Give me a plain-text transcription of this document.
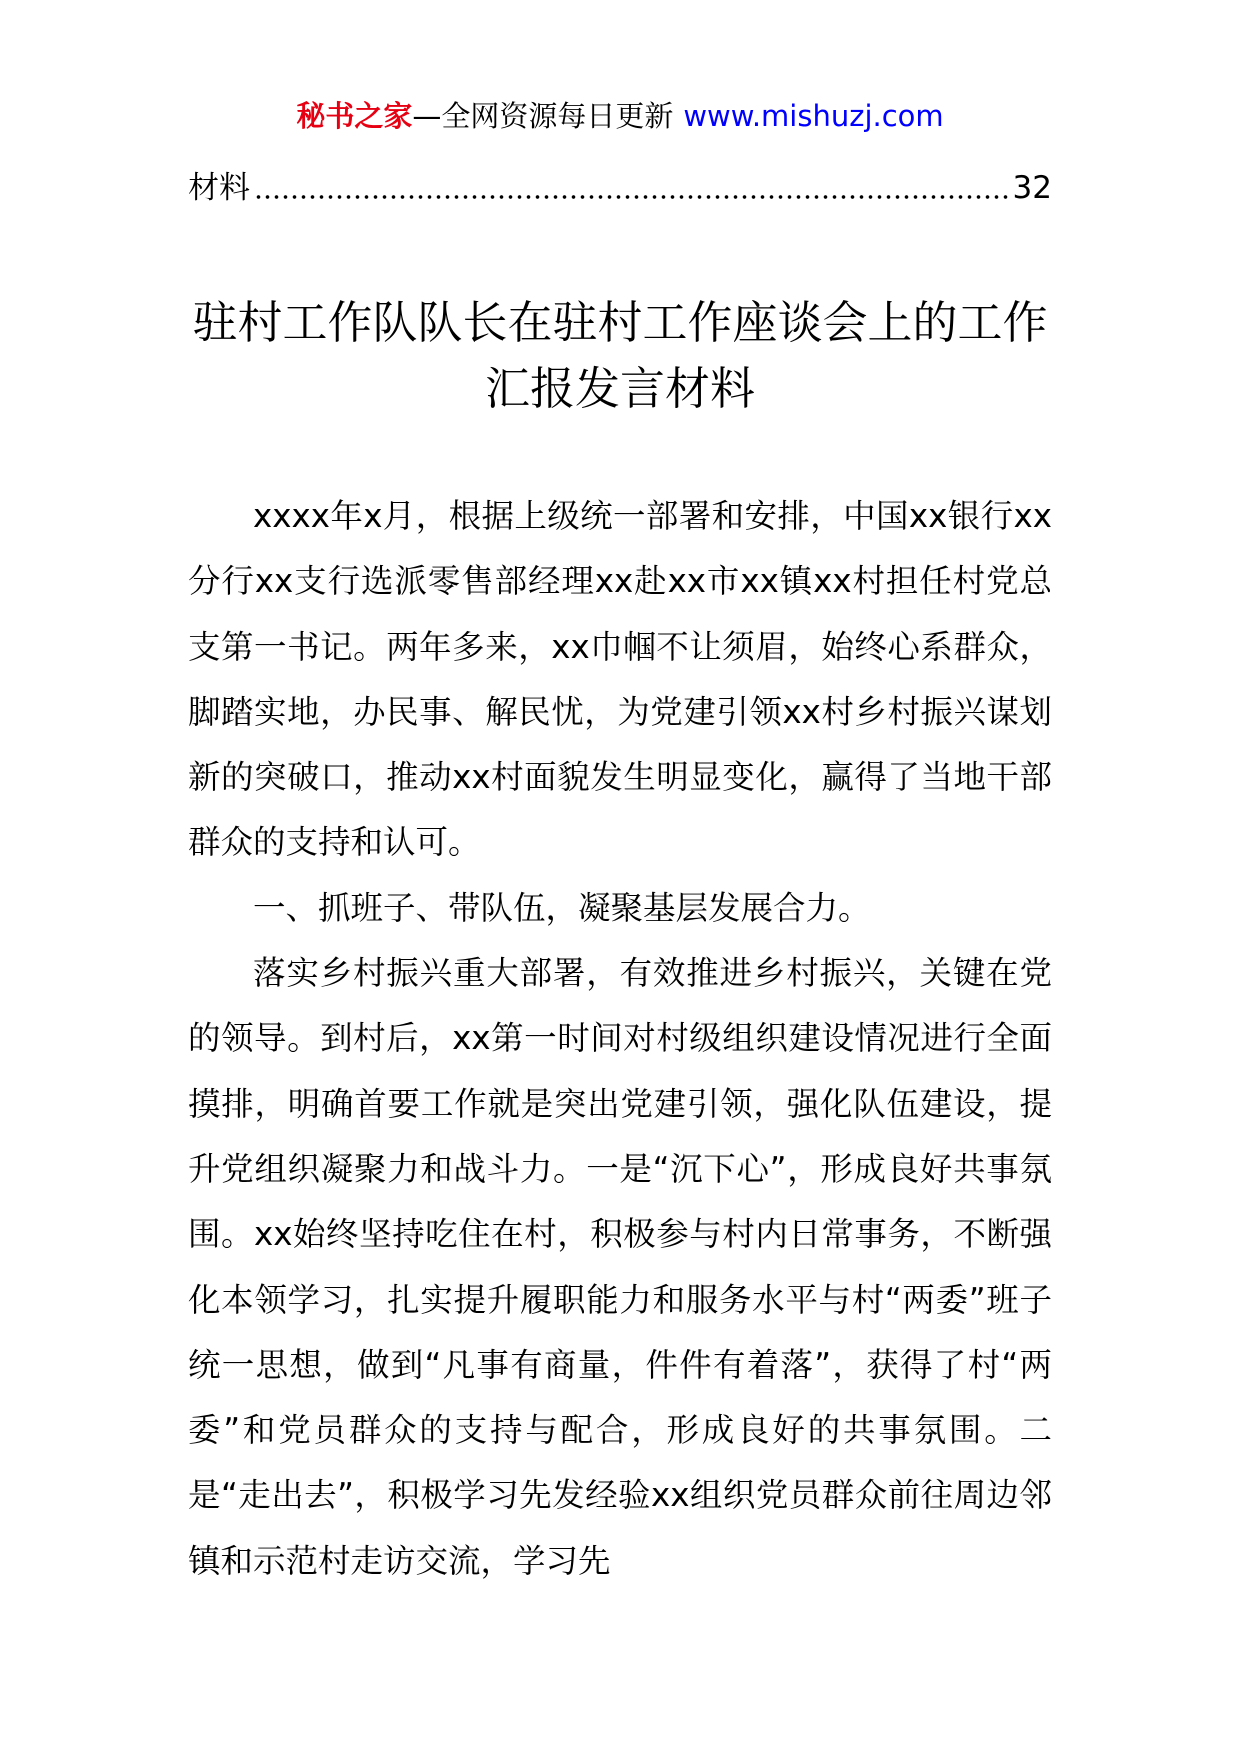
秘书之家—全网资源每日更新 www.mishuzj.com
材料	32
驻村工作队队长在驻村工作座谈会上的工作汇报发言材料

xxxx年x月，根据上级统一部署和安排，中国xx银行xx分行xx支行选派零售部经理xx赴xx市xx镇xx村担任村党总支第一书记。两年多来，xx巾帼不让须眉，始终心系群众，脚踏实地，办民事、解民忧，为党建引领xx村乡村振兴谋划新的突破口，推动xx村面貌发生明显变化，赢得了当地干部群众的支持和认可。

一、抓班子、带队伍，凝聚基层发展合力。

落实乡村振兴重大部署，有效推进乡村振兴，关键在党的领导。到村后，xx第一时间对村级组织建设情况进行全面摸排，明确首要工作就是突出党建引领，强化队伍建设，提升党组织凝聚力和战斗力。一是“沉下心”，形成良好共事氛围。xx始终坚持吃住在村，积极参与村内日常事务，不断强化本领学习，扎实提升履职能力和服务水平与村“两委”班子统一思想，做到“凡事有商量，件件有着落”，获得了村“两委”和党员群众的支持与配合，形成良好的共事氛围。二是“走出去”，积极学习先发经验xx组织党员群众前往周边邻镇和示范村走访交流，学习先
